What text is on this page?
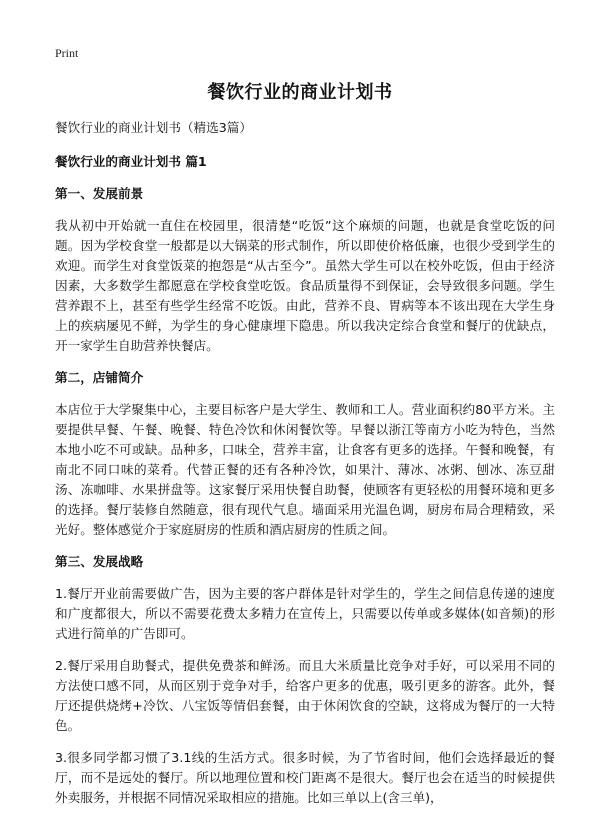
Print
餐饮行业的商业计划书

餐饮行业的商业计划书（精选3篇）

餐饮行业的商业计划书 篇1

第一、发展前景

我从初中开始就一直住在校园里，很清楚“吃饭”这个麻烦的问题，也就是食堂吃饭的问题。因为学校食堂一般都是以大锅菜的形式制作，所以即使价格低廉，也很少受到学生的欢迎。而学生对食堂饭菜的抱怨是“从古至今”。虽然大学生可以在校外吃饭，但由于经济因素，大多数学生都愿意在学校食堂吃饭。食品质量得不到保证，会导致很多问题。学生营养跟不上，甚至有些学生经常不吃饭。由此，营养不良、胃病等本不该出现在大学生身上的疾病屡见不鲜，为学生的身心健康埋下隐患。所以我决定综合食堂和餐厅的优缺点，开一家学生自助营养快餐店。

第二，店铺简介

本店位于大学聚集中心，主要目标客户是大学生、教师和工人。营业面积约80平方米。主要提供早餐、午餐、晚餐、特色冷饮和休闲餐饮等。早餐以浙江等南方小吃为特色，当然本地小吃不可或缺。品种多，口味全，营养丰富，让食客有更多的选择。午餐和晚餐，有南北不同口味的菜肴。代替正餐的还有各种冷饮，如果汁、薄冰、冰粥、刨冰、冻豆甜汤、冻咖啡、水果拼盘等。这家餐厅采用快餐自助餐，使顾客有更轻松的用餐环境和更多的选择。餐厅装修自然随意，很有现代气息。墙面采用光温色调，厨房布局合理精致，采光好。整体感觉介于家庭厨房的性质和酒店厨房的性质之间。

第三、发展战略

1.餐厅开业前需要做广告，因为主要的客户群体是针对学生的，学生之间信息传递的速度和广度都很大，所以不需要花费太多精力在宣传上，只需要以传单或多媒体(如音频)的形式进行简单的广告即可。

2.餐厅采用自助餐式，提供免费茶和鲜汤。而且大米质量比竞争对手好，可以采用不同的方法使口感不同，从而区别于竞争对手，给客户更多的优惠，吸引更多的游客。此外，餐厅还提供烧烤+冷饮、八宝饭等情侣套餐，由于休闲饮食的空缺，这将成为餐厅的一大特色。

3.很多同学都习惯了3.1线的生活方式。很多时候，为了节省时间，他们会选择最近的餐厅，而不是远处的餐厅。所以地理位置和校门距离不是很大。餐厅也会在适当的时候提供外卖服务，并根据不同情况采取相应的措施。比如三单以上(含三单)，
